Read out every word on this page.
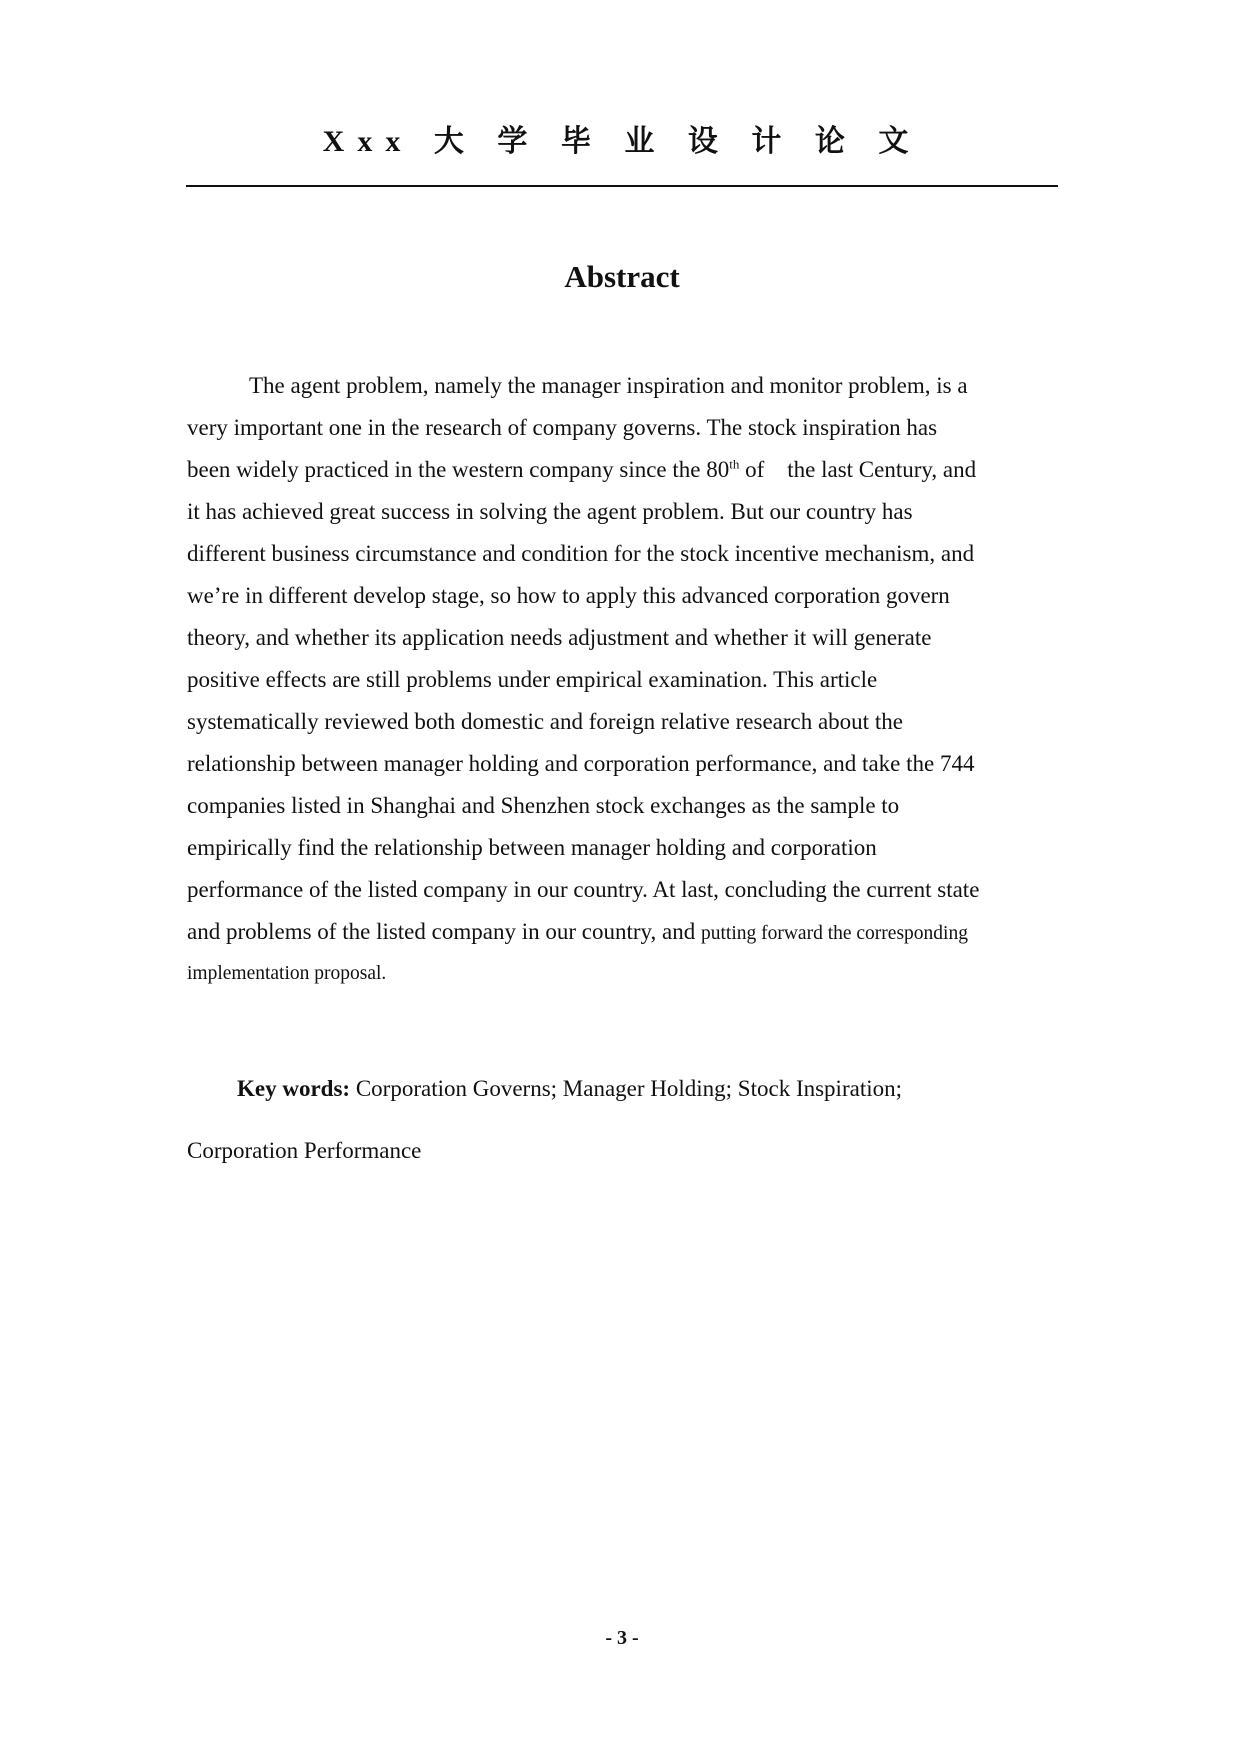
Xxx 大 学 毕 业 设 计 论 文
Abstract
The agent problem, namely the manager inspiration and monitor problem, is a
very important one in the research of company governs. The stock inspiration has
been widely practiced in the western company since the 80th of    the last Century, and
it has achieved great success in solving the agent problem. But our country has
different business circumstance and condition for the stock incentive mechanism, and
we’re in different develop stage, so how to apply this advanced corporation govern
theory, and whether its application needs adjustment and whether it will generate
positive effects are still problems under empirical examination. This article
systematically reviewed both domestic and foreign relative research about the
relationship between manager holding and corporation performance, and take the 744
companies listed in Shanghai and Shenzhen stock exchanges as the sample to
empirically find the relationship between manager holding and corporation
performance of the listed company in our country. At last, concluding the current state
and problems of the listed company in our country, and putting forward the corresponding
implementation proposal.
Key words: Corporation Governs; Manager Holding; Stock Inspiration;
Corporation Performance
- 3 -
